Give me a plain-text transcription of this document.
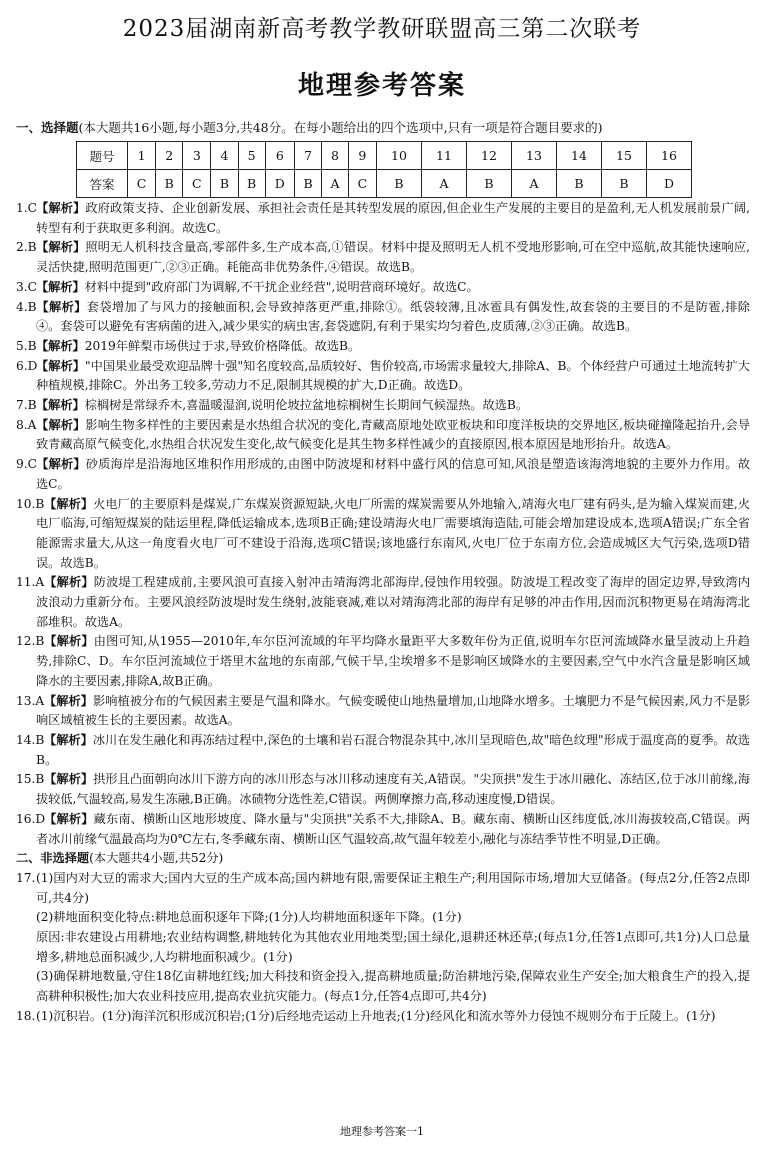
2023届湖南新高考教学教研联盟高三第二次联考
地理参考答案
一、选择题(本大题共16小题,每小题3分,共48分。在每小题给出的四个选项中,只有一项是符合题目要求的)
题号	1	2	3	4	5	6	7	8	9	10	11	12	13	14	15	16
答案	C	B	C	B	B	D	B	A	C	B	A	B	A	B	B	D

1.C【解析】政府政策支持、企业创新发展、承担社会责任是其转型发展的原因,但企业生产发展的主要目的是盈利,无人机发展前景广阔,转型有利于获取更多利润。故选C。

2.B【解析】照明无人机科技含量高,零部件多,生产成本高,①错误。材料中提及照明无人机不受地形影响,可在空中巡航,故其能快速响应,灵活快捷,照明范围更广,②③正确。耗能高非优势条件,④错误。故选B。

3.C【解析】材料中提到"政府部门为调解,不干扰企业经营",说明营商环境好。故选C。

4.B【解析】套袋增加了与风力的接触面积,会导致掉落更严重,排除①。纸袋较薄,且冰雹具有偶发性,故套袋的主要目的不是防雹,排除④。套袋可以避免有害病菌的进入,减少果实的病虫害,套袋遮阴,有利于果实均匀着色,皮质薄,②③正确。故选B。

5.B【解析】2019年鲜梨市场供过于求,导致价格降低。故选B。

6.D【解析】"中国果业最受欢迎品牌十强"知名度较高,品质较好、售价较高,市场需求量较大,排除A、B。个体经营户可通过土地流转扩大种植规模,排除C。外出务工较多,劳动力不足,限制其规模的扩大,D正确。故选D。

7.B【解析】棕榈树是常绿乔木,喜温暖湿润,说明伦坡拉盆地棕榈树生长期间气候湿热。故选B。

8.A【解析】影响生物多样性的主要因素是水热组合状况的变化,青藏高原地处欧亚板块和印度洋板块的交界地区,板块碰撞隆起抬升,会导致青藏高原气候变化,水热组合状况发生变化,故气候变化是其生物多样性减少的直接原因,根本原因是地形抬升。故选A。

9.C【解析】砂质海岸是沿海地区堆积作用形成的,由图中防波堤和材料中盛行风的信息可知,风浪是塑造该海湾地貌的主要外力作用。故选C。

10.B【解析】火电厂的主要原料是煤炭,广东煤炭资源短缺,火电厂所需的煤炭需要从外地输入,靖海火电厂建有码头,是为输入煤炭而建,火电厂临海,可缩短煤炭的陆运里程,降低运输成本,选项B正确;建设靖海火电厂需要填海造陆,可能会增加建设成本,选项A错误;广东全省能源需求量大,从这一角度看火电厂可不建设于沿海,选项C错误;该地盛行东南风,火电厂位于东南方位,会造成城区大气污染,选项D错误。故选B。

11.A【解析】防波堤工程建成前,主要风浪可直接入射冲击靖海湾北部海岸,侵蚀作用较强。防波堤工程改变了海岸的固定边界,导致湾内波浪动力重新分布。主要风浪经防波堤时发生绕射,波能衰减,难以对靖海湾北部的海岸有足够的冲击作用,因而沉积物更易在靖海湾北部堆积。故选A。

12.B【解析】由图可知,从1955—2010年,车尔臣河流域的年平均降水量距平大多数年份为正值,说明车尔臣河流域降水量呈波动上升趋势,排除C、D。车尔臣河流域位于塔里木盆地的东南部,气候干旱,尘埃增多不是影响区域降水的主要因素,空气中水汽含量是影响区域降水的主要因素,排除A,故B正确。

13.A【解析】影响植被分布的气候因素主要是气温和降水。气候变暖使山地热量增加,山地降水增多。土壤肥力不是气候因素,风力不是影响区域植被生长的主要因素。故选A。

14.B【解析】冰川在发生融化和再冻结过程中,深色的土壤和岩石混合物混杂其中,冰川呈现暗色,故"暗色纹理"形成于温度高的夏季。故选B。

15.B【解析】拱形且凸面朝向冰川下游方向的冰川形态与冰川移动速度有关,A错误。"尖顶拱"发生于冰川融化、冻结区,位于冰川前缘,海拔较低,气温较高,易发生冻融,B正确。冰碛物分选性差,C错误。两侧摩擦力高,移动速度慢,D错误。

16.D【解析】藏东南、横断山区地形坡度、降水量与"尖顶拱"关系不大,排除A、B。藏东南、横断山区纬度低,冰川海拔较高,C错误。两者冰川前缘气温最高均为0℃左右,冬季藏东南、横断山区气温较高,故气温年较差小,融化与冻结季节性不明显,D正确。

二、非选择题(本大题共4小题,共52分)

17.(1)国内对大豆的需求大;国内大豆的生产成本高;国内耕地有限,需要保证主粮生产;利用国际市场,增加大豆储备。(每点2分,任答2点即可,共4分)

(2)耕地面积变化特点:耕地总面积逐年下降;(1分)人均耕地面积逐年下降。(1分)

原因:非农建设占用耕地;农业结构调整,耕地转化为其他农业用地类型;国土绿化,退耕还林还草;(每点1分,任答1点即可,共1分)人口总量增多,耕地总面积减少,人均耕地面积减少。(1分)

(3)确保耕地数量,守住18亿亩耕地红线;加大科技和资金投入,提高耕地质量;防治耕地污染,保障农业生产安全;加大粮食生产的投入,提高耕种积极性;加大农业科技应用,提高农业抗灾能力。(每点1分,任答4点即可,共4分)

18.(1)沉积岩。(1分)海洋沉积形成沉积岩;(1分)后经地壳运动上升地表;(1分)经风化和流水等外力侵蚀不规则分布于丘陵上。(1分)

地理参考答案一1
